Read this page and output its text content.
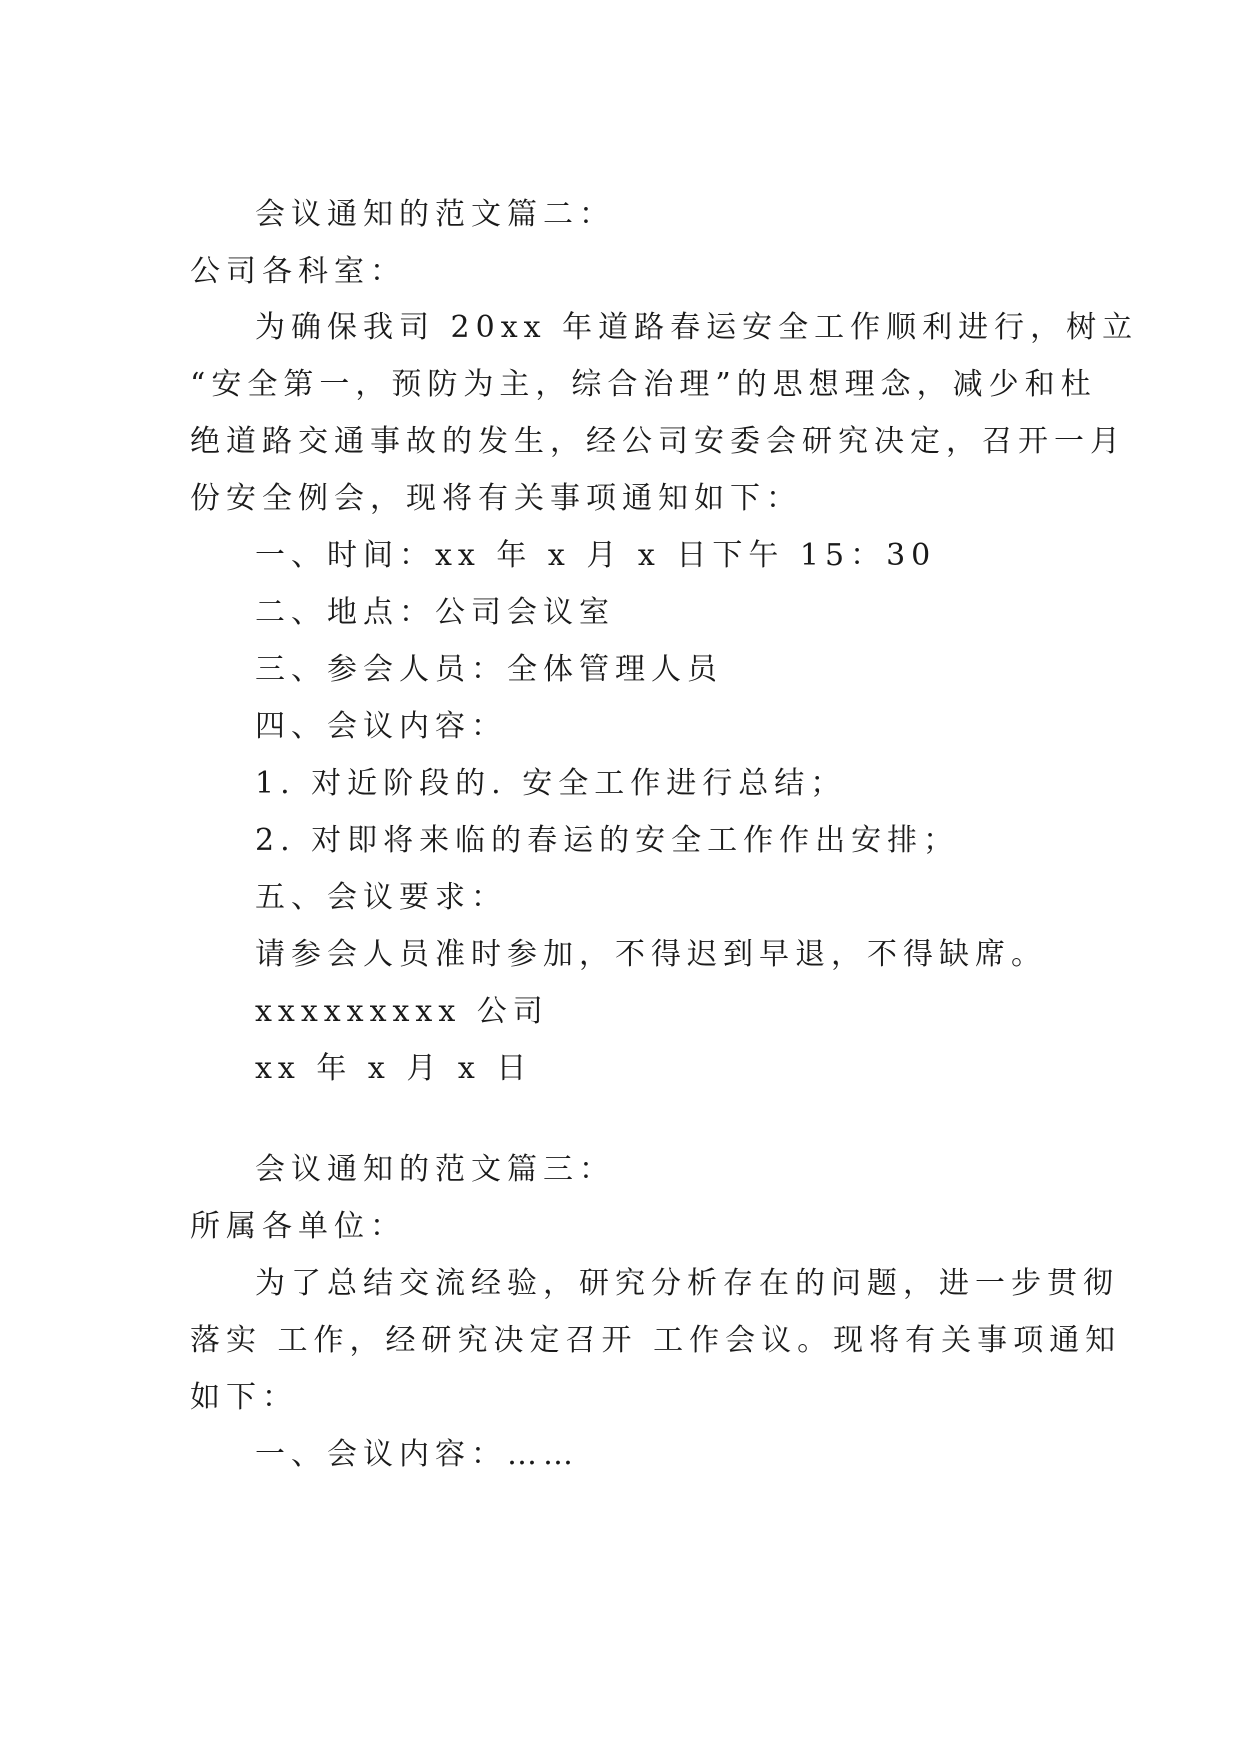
会议通知的范文篇二：
公司各科室：
为确保我司 20xx 年道路春运安全工作顺利进行，树立
“安全第一，预防为主，综合治理”的思想理念，减少和杜
绝道路交通事故的发生，经公司安委会研究决定，召开一月
份安全例会，现将有关事项通知如下：
一、时间：xx 年 x 月 x 日下午 15：30
二、地点：公司会议室
三、参会人员：全体管理人员
四、会议内容：
1. 对近阶段的. 安全工作进行总结；
2. 对即将来临的春运的安全工作作出安排；
五、会议要求：
请参会人员准时参加，不得迟到早退，不得缺席。
xxxxxxxxx 公司
xx 年 x 月 x 日
会议通知的范文篇三：
所属各单位：
为了总结交流经验，研究分析存在的问题，进一步贯彻
落实 工作，经研究决定召开 工作会议。现将有关事项通知
如下：
一、会议内容：……
